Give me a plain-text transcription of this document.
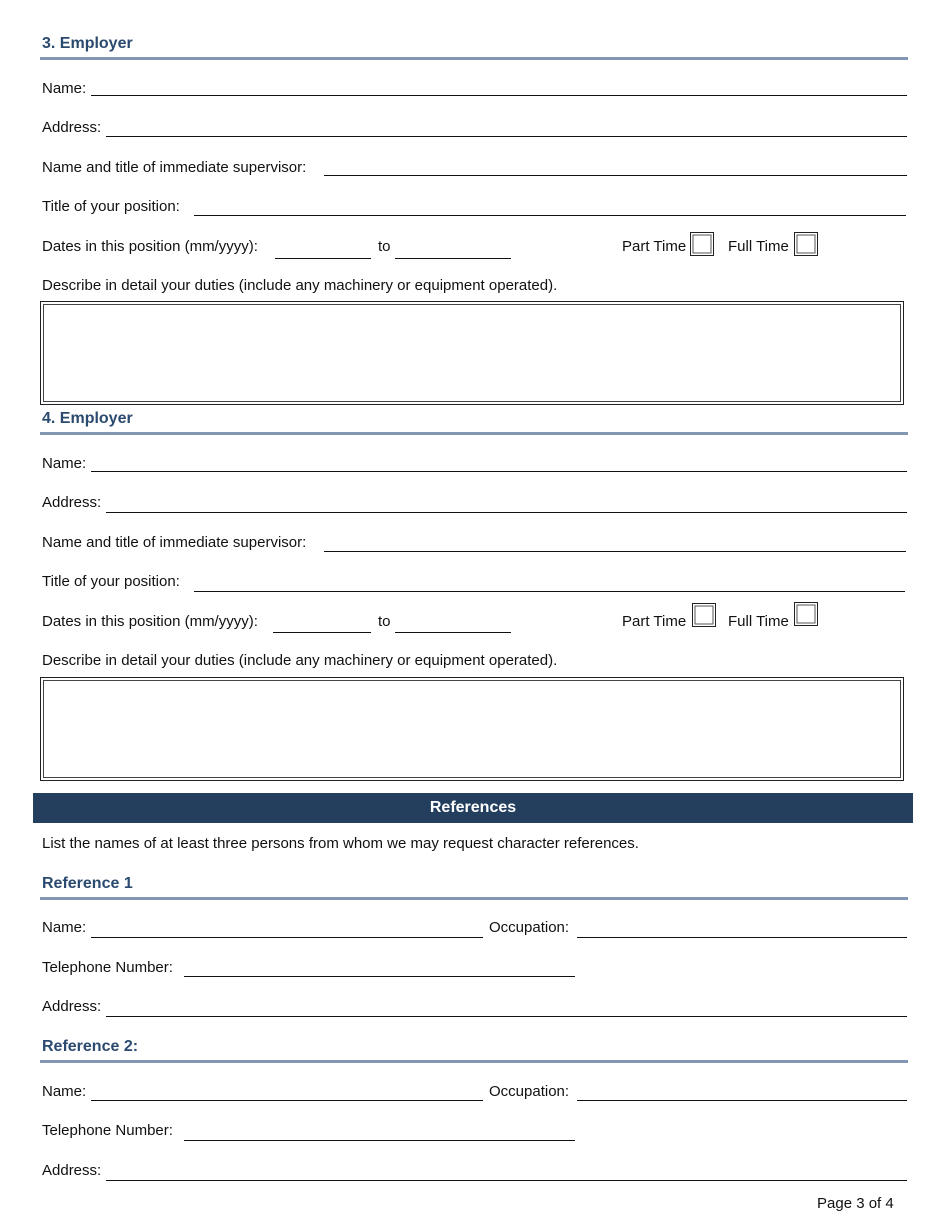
3. Employer
Name:
Address:
Name and title of immediate supervisor:
Title of your position:
Dates in this position (mm/yyyy):	to	Part Time	Full Time
Describe in detail your duties (include any machinery or equipment operated).
4. Employer
Name:
Address:
Name and title of immediate supervisor:
Title of your position:
Dates in this position (mm/yyyy):	to	Part Time	Full Time
Describe in detail your duties (include any machinery or equipment operated).
References
List the names of at least three persons from whom we may request character references.
Reference 1
Name:	Occupation:
Telephone Number:
Address:
Reference 2:
Name:	Occupation:
Telephone Number:
Address:
Page 3 of 4
